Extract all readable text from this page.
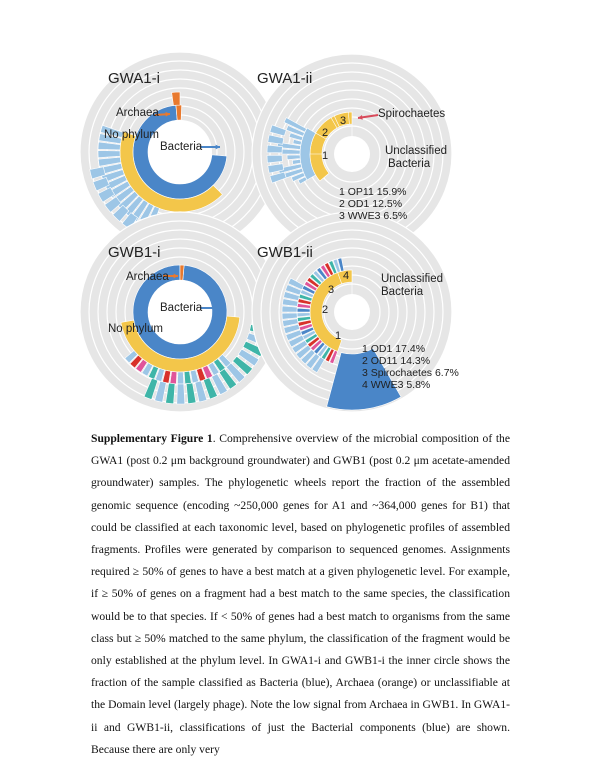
GWA1-i	GWA1-ii
GWB1-i	GWB1-ii
Archaea
No phylum
Bacteria
Spirochaetes
Unclassified
Bacteria
3
2
1
1 OP11 15.9%
2 OD1 12.5%
3 WWE3 6.5%
Archaea
Bacteria
No phylum
Unclassified
Bacteria
4
3
2
1
1 OD1 17.4%
2 OD11 14.3%
3 Spirochaetes 6.7%
4 WWE3 5.8%
Supplementary Figure 1. Comprehensive overview of the microbial composition of the GWA1 (post 0.2 μm background groundwater) and GWB1 (post 0.2 μm acetate-amended groundwater) samples. The phylogenetic wheels report the fraction of the assembled genomic sequence (encoding ~250,000 genes for A1 and ~364,000 genes for B1) that could be classified at each taxonomic level, based on phylogenetic profiles of assembled fragments. Profiles were generated by comparison to sequenced genomes. Assignments required ≥ 50% of genes to have a best match at a given phylogenetic level. For example, if ≥ 50% of genes on a fragment had a best match to the same species, the classification would be to that species. If < 50% of genes had a best match to organisms from the same class but ≥ 50% matched to the same phylum, the classification of the fragment would be only established at the phylum level. In GWA1-i and GWB1-i the inner circle shows the fraction of the sample classified as Bacteria (blue), Archaea (orange) or unclassifiable at the Domain level (largely phage). Note the low signal from Archaea in GWB1. In GWA1-ii and GWB1-ii, classifications of just the Bacterial components (blue) are shown. Because there are only very
